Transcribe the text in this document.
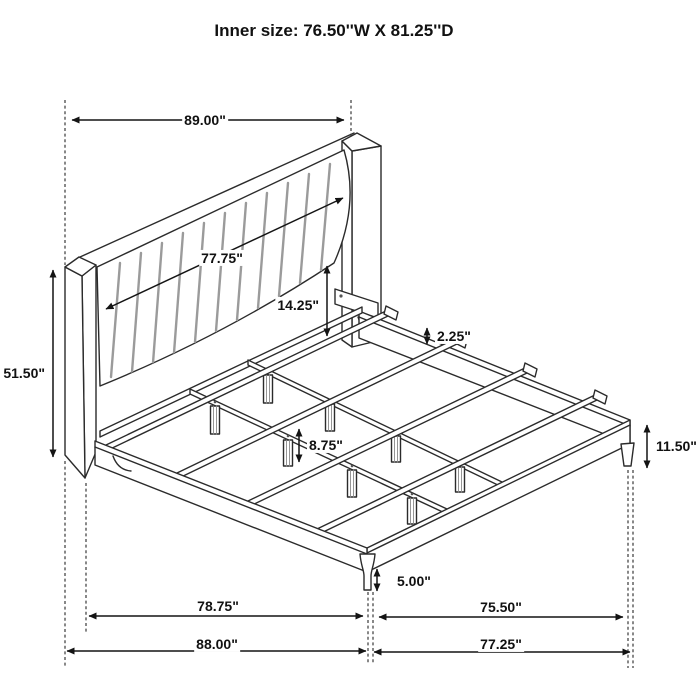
Inner size: 76.50''W X 81.25''D
89.00"
77.75"
51.50"
14.25"
2.25"
8.75"	11.50"
5.00"
78.75"
88.00"
75.50"
77.25"
